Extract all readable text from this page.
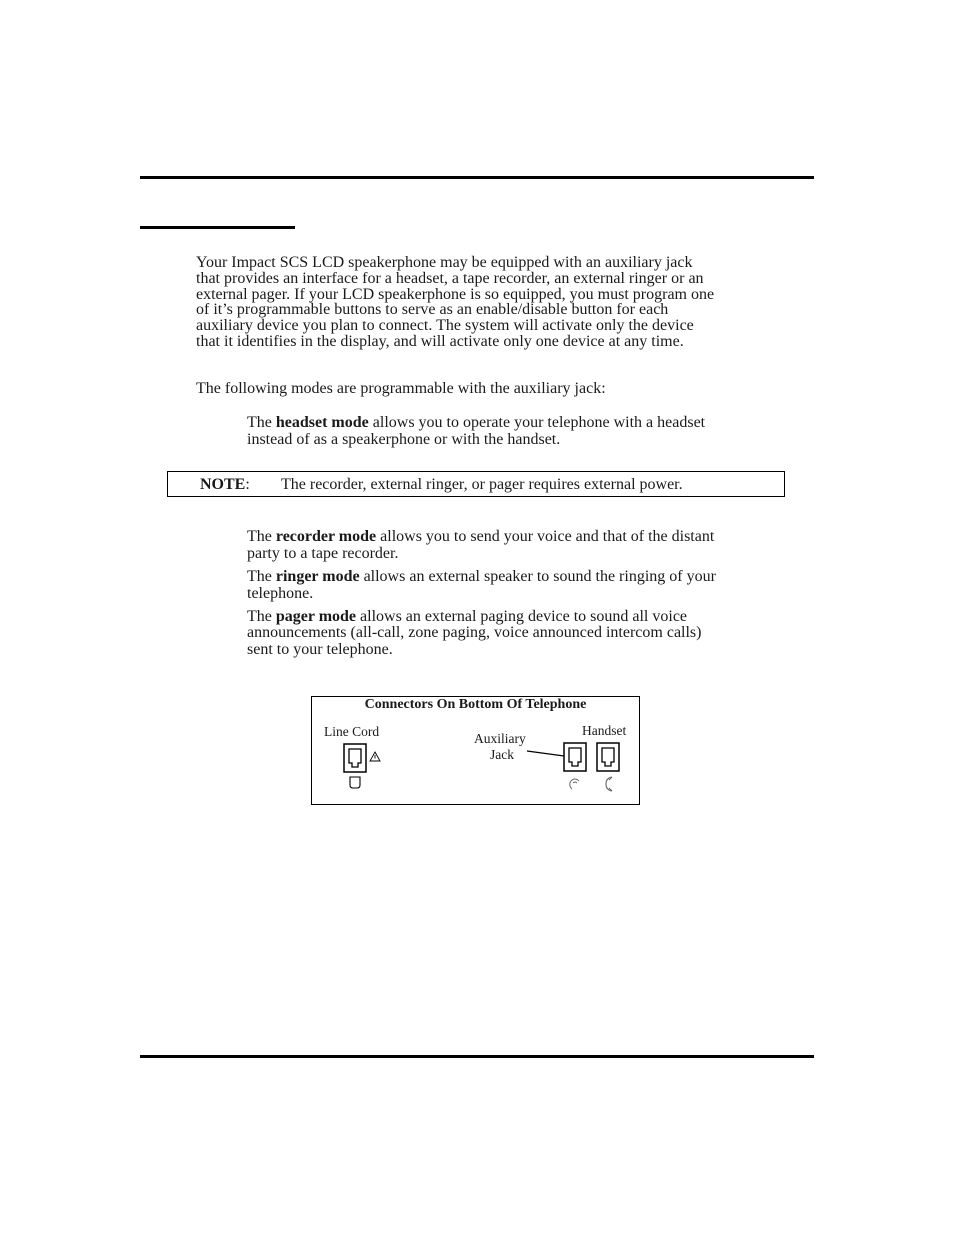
Your Impact SCS LCD speakerphone may be equipped with an auxiliary jack

that provides an interface for a headset, a tape recorder, an external ringer or an

external pager. If your LCD speakerphone is so equipped, you must program one

of it’s programmable buttons to serve as an enable/disable button for each

auxiliary device you plan to connect. The system will activate only the device

that it identifies in the display, and will activate only one device at any time.

The following modes are programmable with the auxiliary jack:

The headset mode allows you to operate your telephone with a headset

instead of as a speakerphone or with the handset.

NOTE: The recorder, external ringer, or pager requires external power.

The recorder mode allows you to send your voice and that of the distant

party to a tape recorder.

The ringer mode allows an external speaker to sound the ringing of your

telephone.

The pager mode allows an external paging device to sound all voice

announcements (all-call, zone paging, voice announced intercom calls)

sent to your telephone.

Connectors On Bottom Of Telephone
Line Cord	Auxiliary
Jack
Handset
